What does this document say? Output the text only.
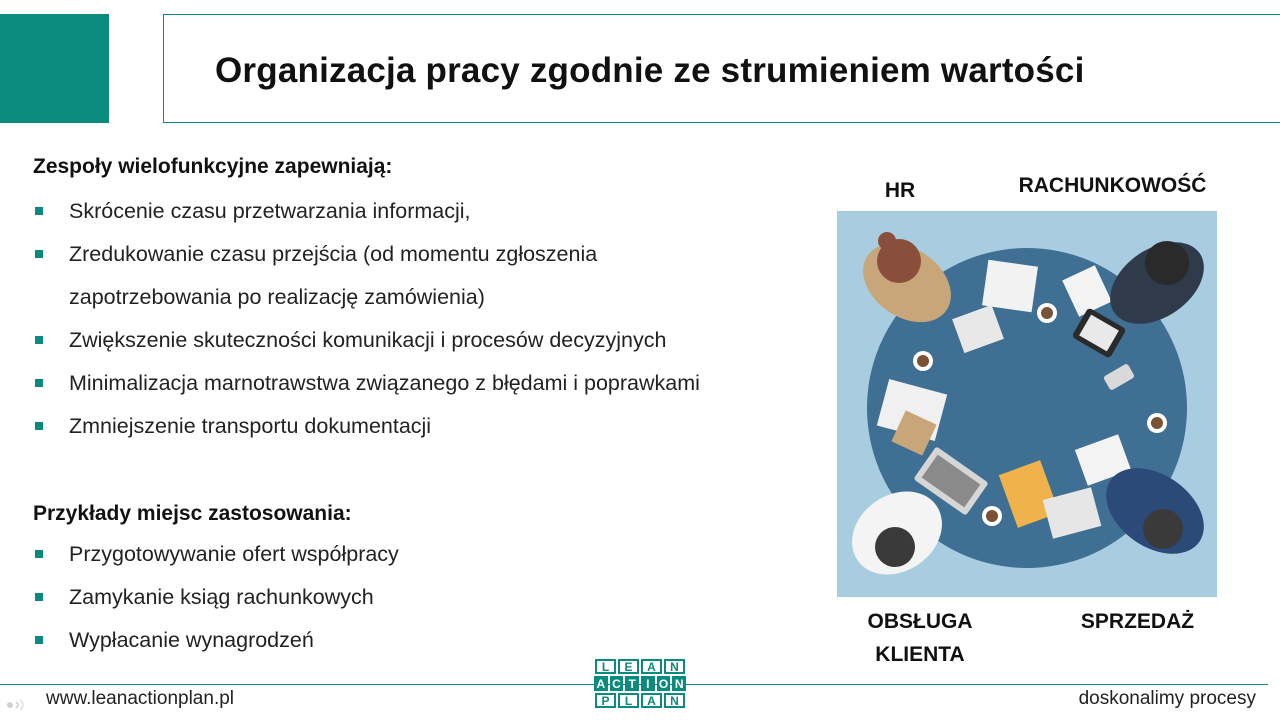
Organizacja pracy zgodnie ze strumieniem wartości
Zespoły wielofunkcyjne zapewniają:
Skrócenie czasu przetwarzania informacji,
Zredukowanie czasu przejścia (od momentu zgłoszenia
zapotrzebowania po realizację zamówienia)
Zwiększenie skuteczności komunikacji i procesów decyzyjnych
Minimalizacja marnotrawstwa związanego z błędami i poprawkami
Zmniejszenie transportu dokumentacji
Przykłady miejsc zastosowania:
Przygotowywanie ofert współpracy
Zamykanie ksiąg rachunkowych
Wypłacanie wynagrodzeń
HR	RACHUNKOWOŚĆ
OBSŁUGA
KLIENTA
SPRZEDAŻ
www.leanactionplan.pl	doskonalimy procesy
L	E	A	N
A C T I O N
P	L	A	N
